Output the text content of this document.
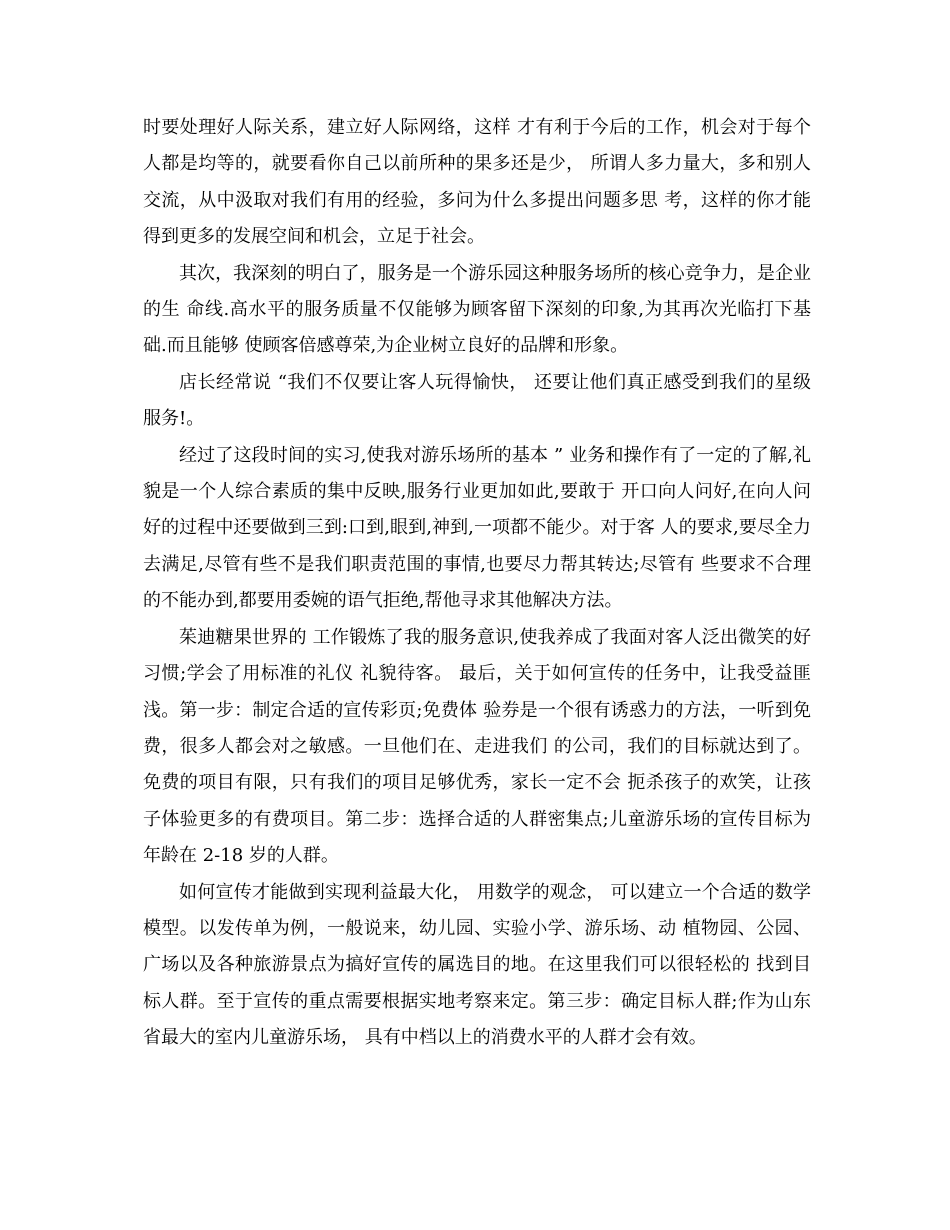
时要处理好人际关系，建立好人际网络，这样 才有利于今后的工作，机会对于每个人都是均等的，就要看你自己以前所种的果多还是少， 所谓人多力量大，多和别人交流，从中汲取对我们有用的经验，多问为什么多提出问题多思 考，这样的你才能得到更多的发展空间和机会，立足于社会。

其次，我深刻的明白了，服务是一个游乐园这种服务场所的核心竞争力，是企业的生 命线.高水平的服务质量不仅能够为顾客留下深刻的印象,为其再次光临打下基础.而且能够 使顾客倍感尊荣,为企业树立良好的品牌和形象。

店长经常说 “我们不仅要让客人玩得愉快， 还要让他们真正感受到我们的星级服务!。

经过了这段时间的实习,使我对游乐场所的基本 ” 业务和操作有了一定的了解,礼貌是一个人综合素质的集中反映,服务行业更加如此,要敢于 开口向人问好,在向人问好的过程中还要做到三到:口到,眼到,神到,一项都不能少。对于客 人的要求,要尽全力去满足,尽管有些不是我们职责范围的事情,也要尽力帮其转达;尽管有 些要求不合理的不能办到,都要用委婉的语气拒绝,帮他寻求其他解决方法。

茱迪糖果世界的 工作锻炼了我的服务意识,使我养成了我面对客人泛出微笑的好习惯;学会了用标准的礼仪 礼貌待客。 最后，关于如何宣传的任务中，让我受益匪浅。第一步：制定合适的宣传彩页;免费体 验券是一个很有诱惑力的方法，一听到免费，很多人都会对之敏感。一旦他们在、走进我们 的公司，我们的目标就达到了。免费的项目有限，只有我们的项目足够优秀，家长一定不会 扼杀孩子的欢笑，让孩子体验更多的有费项目。第二步：选择合适的人群密集点;儿童游乐场的宣传目标为年龄在 2-18 岁的人群。

如何宣传才能做到实现利益最大化， 用数学的观念， 可以建立一个合适的数学模型。以发传单为例，一般说来，幼儿园、实验小学、游乐场、动 植物园、公园、广场以及各种旅游景点为搞好宣传的属选目的地。在这里我们可以很轻松的 找到目标人群。至于宣传的重点需要根据实地考察来定。第三步：确定目标人群;作为山东 省最大的室内儿童游乐场， 具有中档以上的消费水平的人群才会有效。
